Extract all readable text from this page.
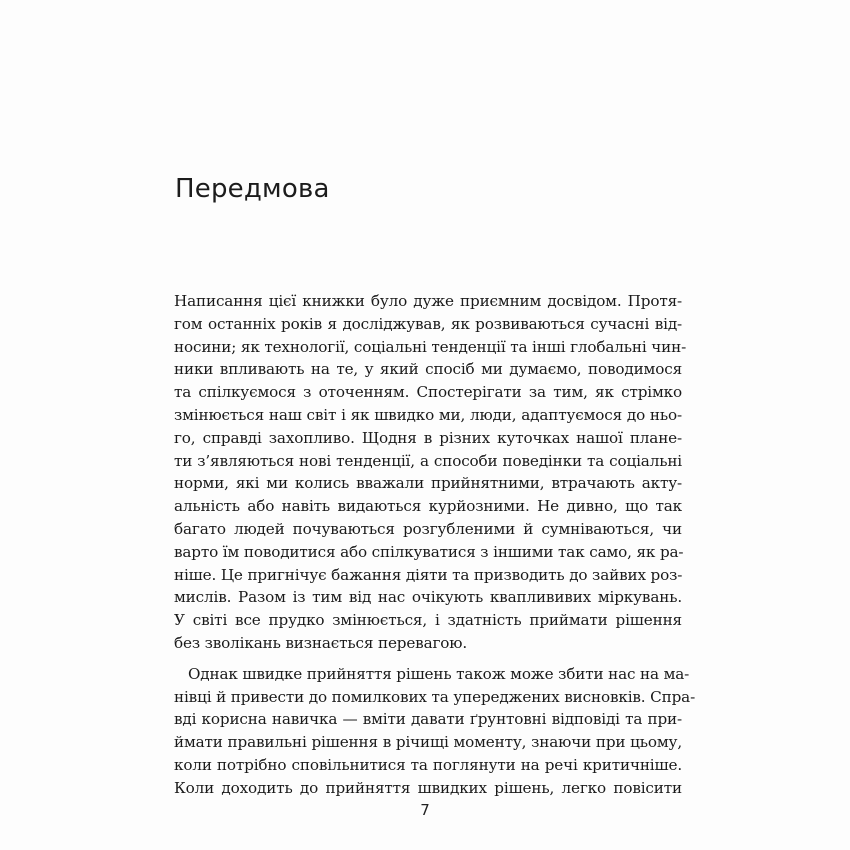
Передмова
Написання цієї книжки було дуже приємним досвідом. Протя-
гом останніх років я досліджував, як розвиваються сучасні від-
носини; як технології, соціальні тенденції та інші глобальні чин-
ники впливають на те, у який спосіб ми думаємо, поводимося
та спілкуємося з оточенням. Спостерігати за тим, як стрімко
змінюється наш світ і як швидко ми, люди, адаптуємося до ньо-
го, справді захопливо. Щодня в різних куточках нашої плане-
ти з’являються нові тенденції, а способи поведінки та соціальні
норми, які ми колись вважали прийнятними, втрачають акту-
альність або навіть видаються курйозними. Не дивно, що так
багато людей почуваються розгубленими й сумніваються, чи
варто їм поводитися або спілкуватися з іншими так само, як ра-
ніше. Це пригнічує бажання діяти та призводить до зайвих роз-
мислів. Разом із тим від нас очікують кваплививих міркувань.
У світі все прудко змінюється, і здатність приймати рішення
без зволікань визнається перевагою.
Однак швидке прийняття рішень також може збити нас на ма-
нівці й привести до помилкових та упереджених висновків. Спра-
вді корисна навичка — вміти давати ґрунтовні відповіді та при-
ймати правильні рішення в річищі моменту, знаючи при цьому,
коли потрібно сповільнитися та поглянути на речі критичніше.
Коли доходить до прийняття швидких рішень, легко повісити
7
